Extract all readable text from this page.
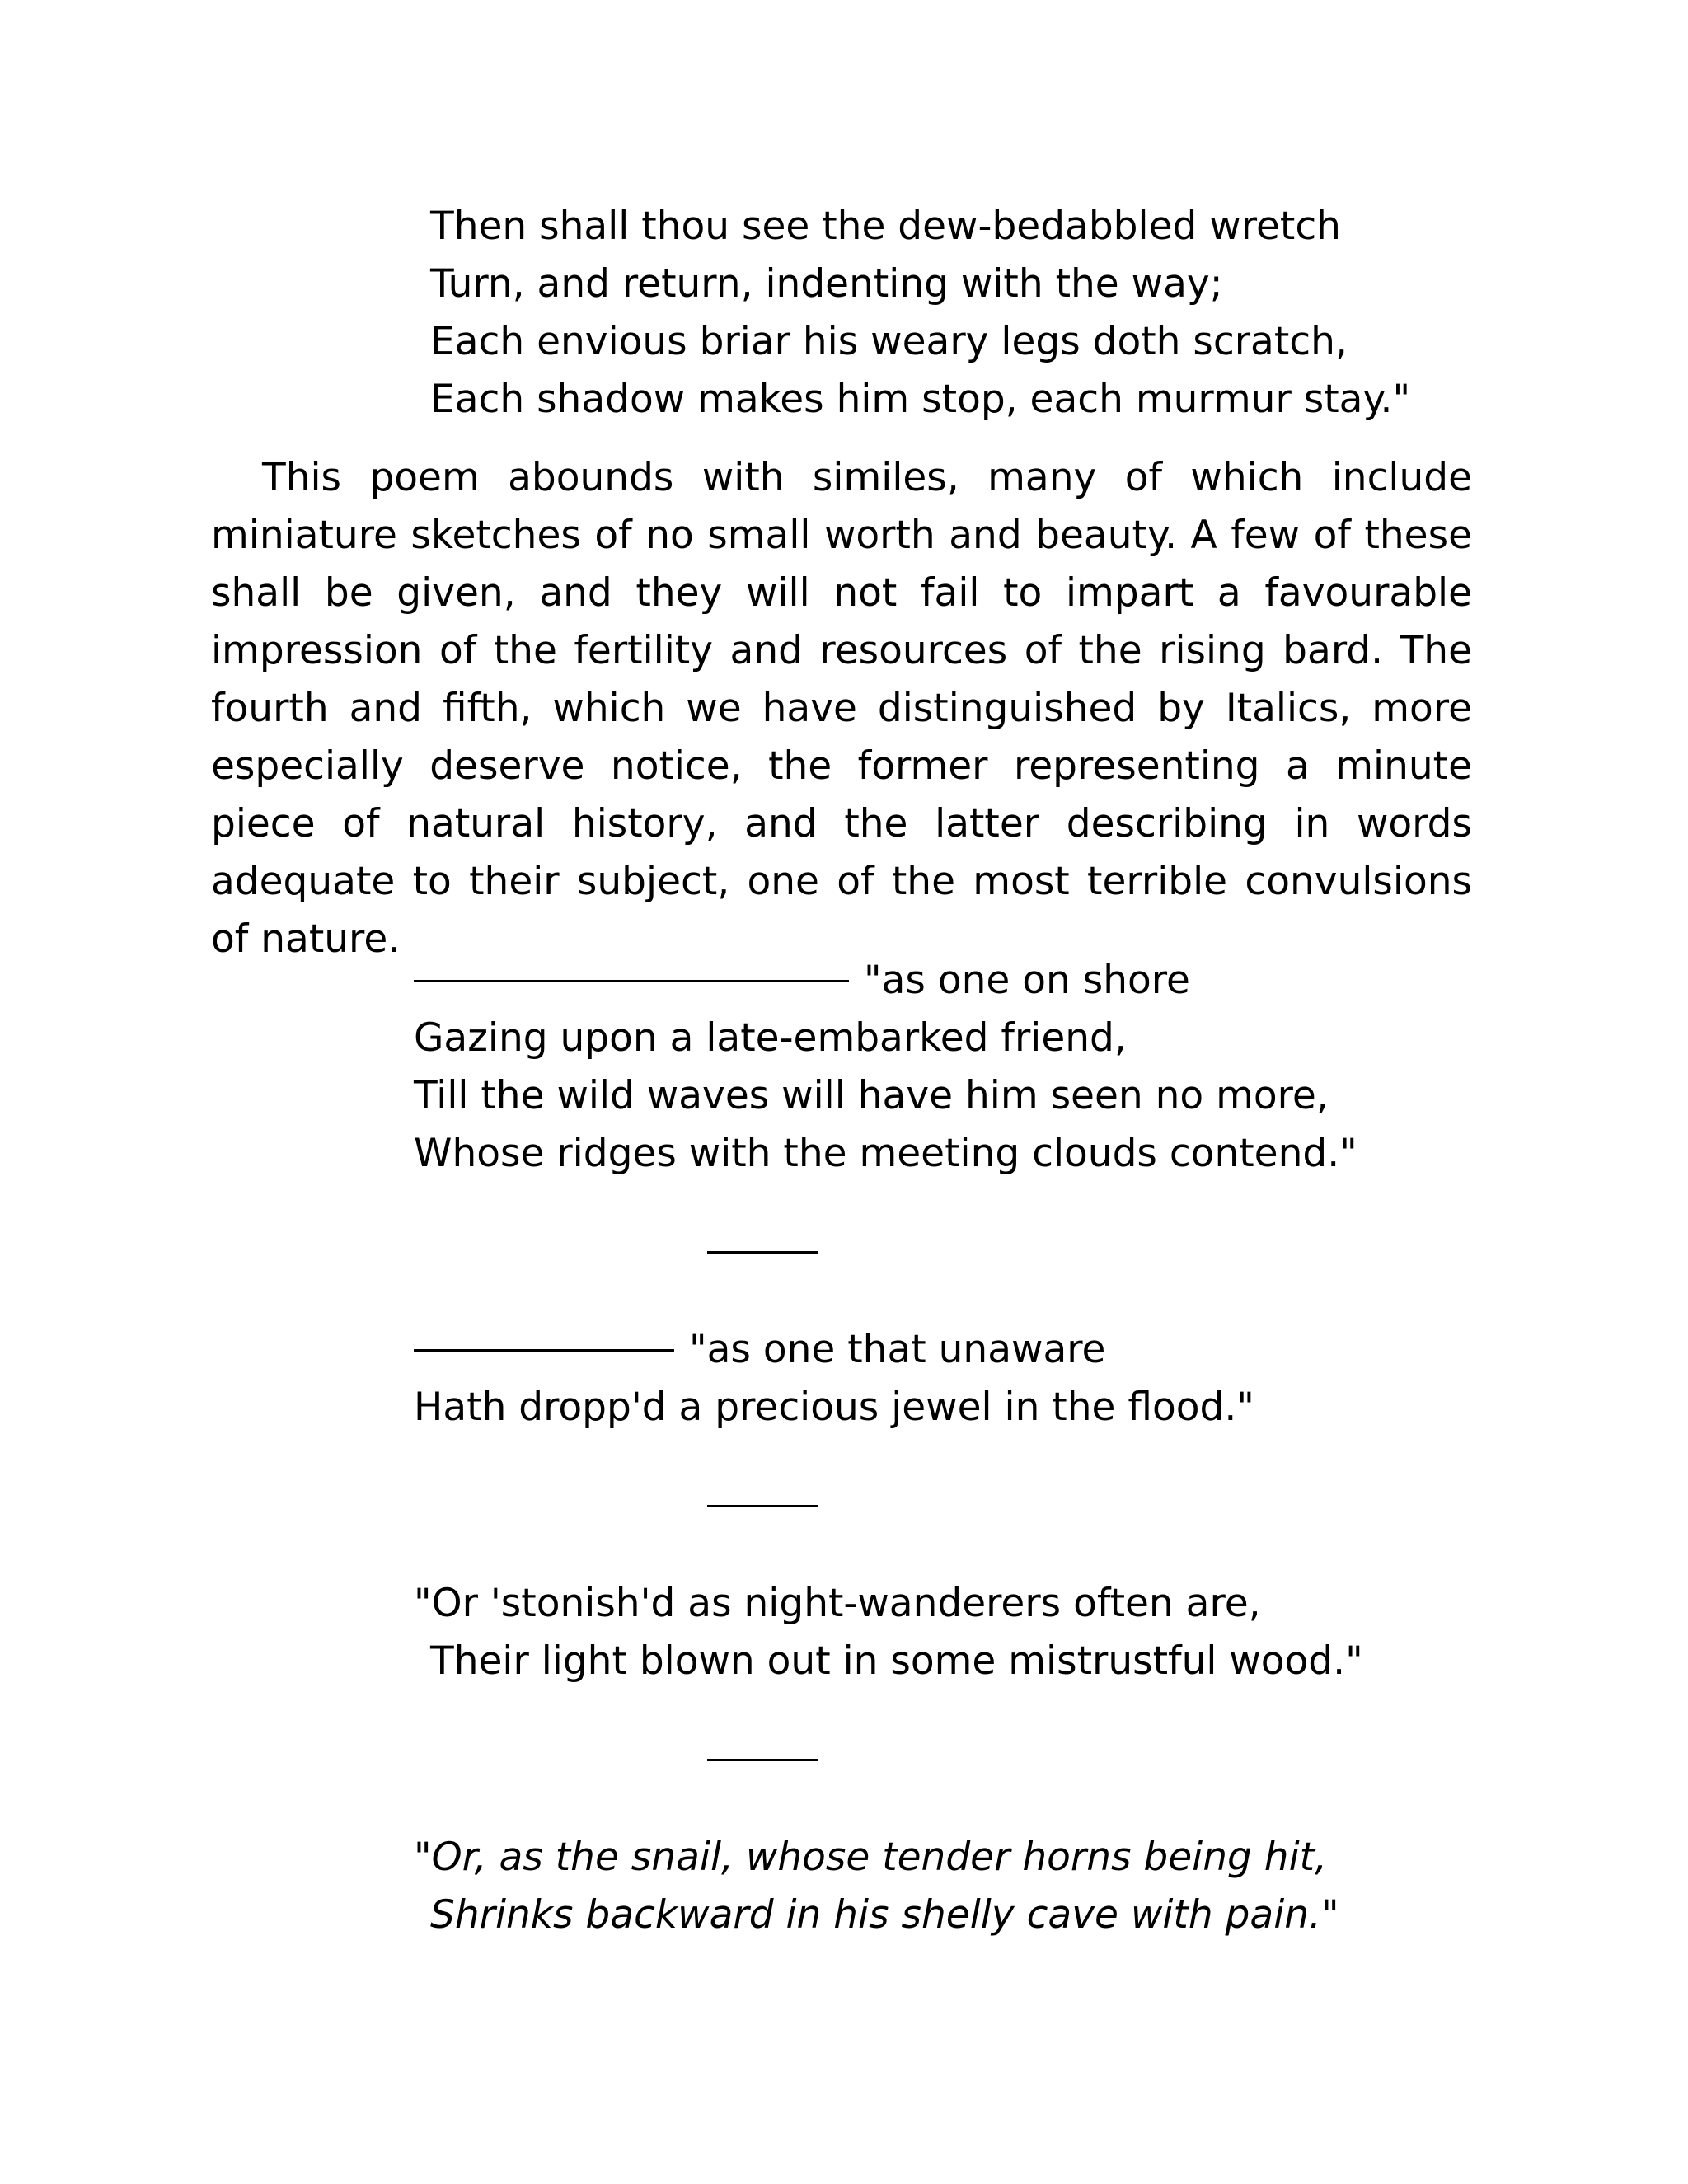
Then shall thou see the dew-bedabbled wretch
Turn, and return, indenting with the way;
Each envious briar his weary legs doth scratch,
Each shadow makes him stop, each murmur stay."

This poem abounds with similes, many of which include miniature sketches of no small worth and beauty. A few of these shall be given, and they will not fail to impart a favourable impression of the fertility and resources of the rising bard. The fourth and fifth, which we have distinguished by Italics, more especially deserve notice, the former representing a minute piece of natural history, and the latter describing in words adequate to their subject, one of the most terrible convulsions of nature.

"as one on shore
Gazing upon a late-embarked friend,
Till the wild waves will have him seen no more,
Whose ridges with the meeting clouds contend."
"as one that unaware
Hath dropp'd a precious jewel in the flood."
"Or 'stonish'd as night-wanderers often are,
Their light blown out in some mistrustful wood."
"Or, as the snail, whose tender horns being hit,
Shrinks backward in his shelly cave with pain."
